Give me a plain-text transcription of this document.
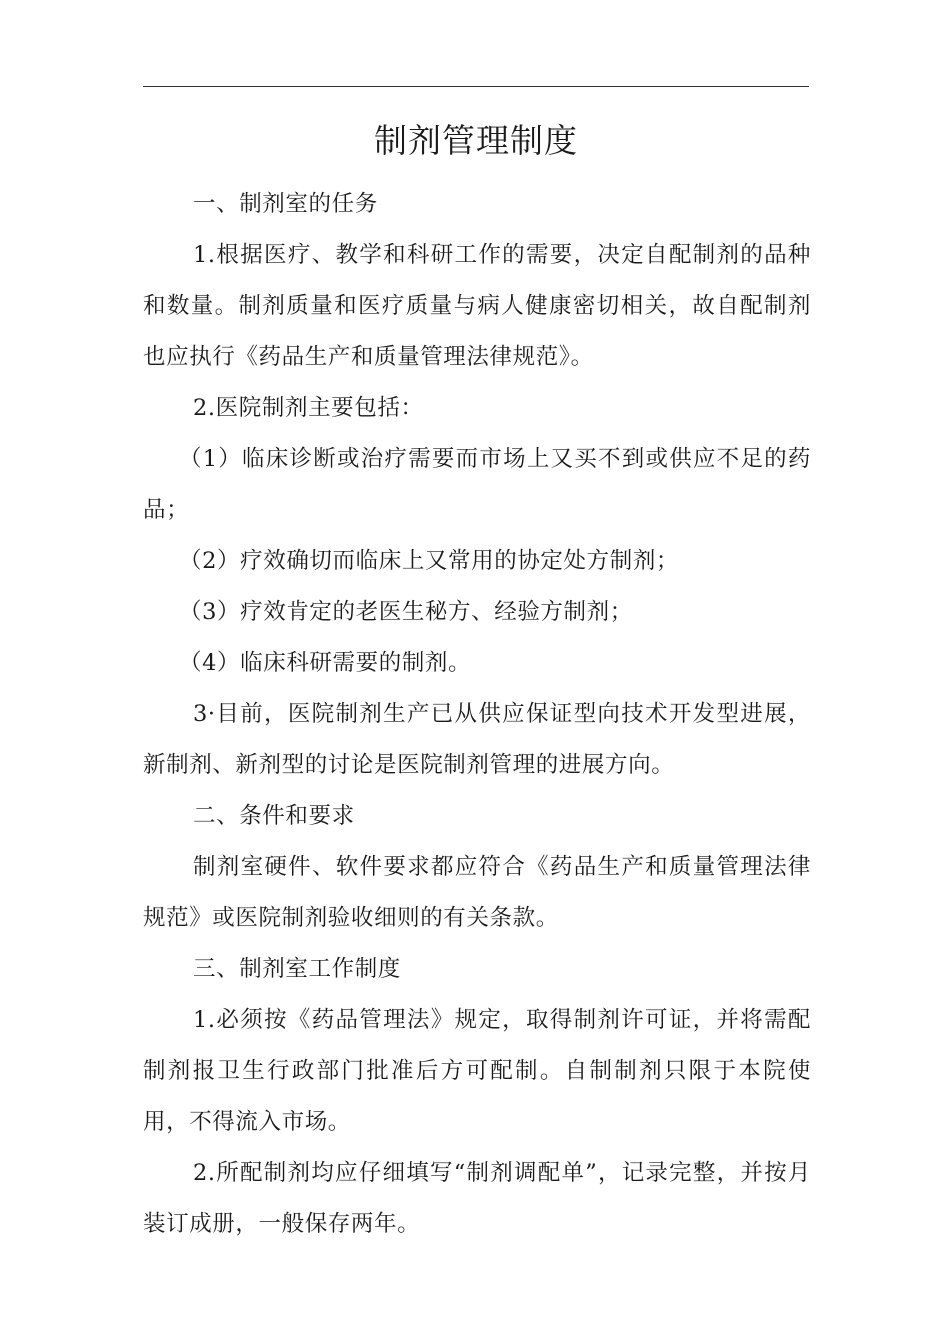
制剂管理制度

一、制剂室的任务

1.根据医疗、教学和科研工作的需要，决定自配制剂的品种和数量。制剂质量和医疗质量与病人健康密切相关，故自配制剂也应执行《药品生产和质量管理法律规范》。

2.医院制剂主要包括：

（1）临床诊断或治疗需要而市场上又买不到或供应不足的药品；

（2）疗效确切而临床上又常用的协定处方制剂；

（3）疗效肯定的老医生秘方、经验方制剂；

（4）临床科研需要的制剂。

3·目前，医院制剂生产已从供应保证型向技术开发型进展，新制剂、新剂型的讨论是医院制剂管理的进展方向。

二、条件和要求

制剂室硬件、软件要求都应符合《药品生产和质量管理法律规范》或医院制剂验收细则的有关条款。

三、制剂室工作制度

1.必须按《药品管理法》规定，取得制剂许可证，并将需配制剂报卫生行政部门批准后方可配制。自制制剂只限于本院使用，不得流入市场。

2.所配制剂均应仔细填写“制剂调配单”，记录完整，并按月装订成册，一般保存两年。
